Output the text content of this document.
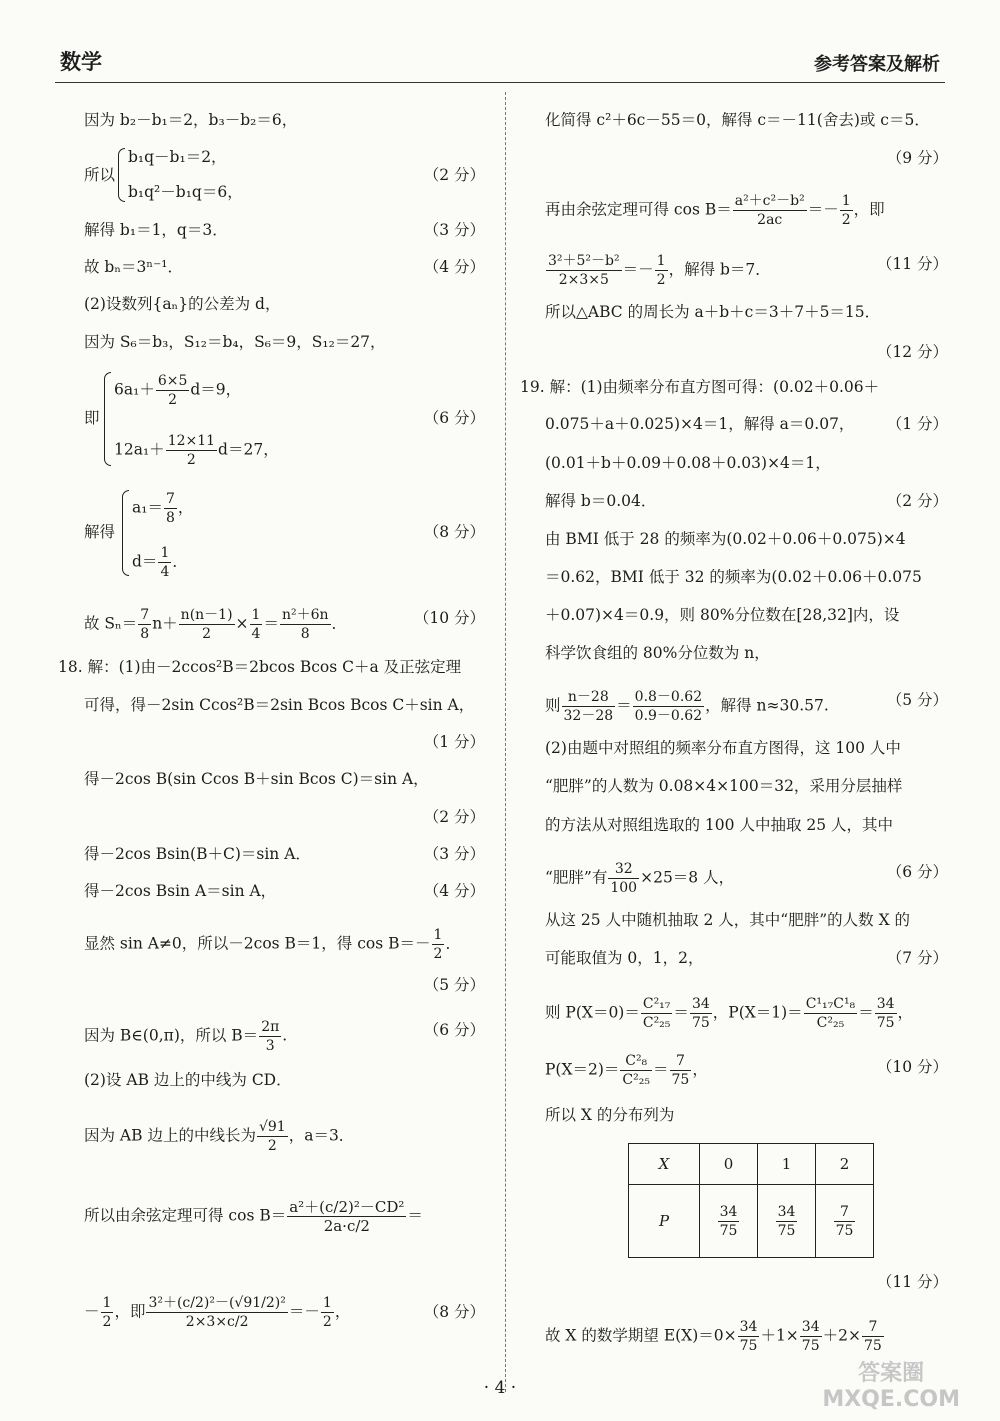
数学	参考答案及解析
因为 b₂－b₁＝2，b₃－b₂＝6，
所以
b₁q－b₁＝2，
b₁q²－b₁q＝6，
（2 分）
解得 b₁＝1，q＝3．	（3 分）
故 bₙ＝3ⁿ⁻¹．	（4 分）
(2)设数列{aₙ}的公差为 d，
因为 S₆＝b₃，S₁₂＝b₄，S₆＝9，S₁₂＝27，
即
$6a_1+ \frac{6\times 5}{2} d=9$，
$12a_1+ \frac{12\times 11}{2} d=27$，
（6 分）
解得
$a_1= \frac{7}{8}$ ，
$d= \frac{1}{4}$ ．
（8 分）
故 $S_n= \frac{7}{8} n+ \frac{n(n-1)}{2} \times \frac{1}{4} = \frac{\text{n²＋6n}}{8}$ ．	（10 分）
18. 解：(1)由－2ccos²B＝2bcos Bcos C＋a 及正弦定理
可得，得－2sin Ccos²B＝2sin Bcos Bcos C＋sin A，
（1 分）
得－2cos B(sin Ccos B＋sin Bcos C)＝sin A，
（2 分）
得－2cos Bsin(B＋C)＝sin A．	（3 分）
得－2cos Bsin A＝sin A，	（4 分）
显然 sin A≠0，所以－2cos B＝1，得 $\cos B=- \frac{1}{2}$ ．
（5 分）
因为 B∈(0,π)，所以 $B= \frac{2\pi}{3}$ .	（6 分）
(2)设 AB 边上的中线为 CD．
因为 AB 边上的中线长为 $\frac{√91}{2}$ ，a＝3．
所以由余弦定理可得 $\cos B= \frac{\text{a²＋(c/2)²－CD²}}{2a\cdot c/2}$ ＝
－ $\frac{1}{2}$ ，即 $\frac{\text{3²＋(c/2)²－(√91/2)²}}{2\times 3\times c/2} =- \frac{1}{2}$ ，	（8 分）
化简得 c²＋6c－55＝0，解得 c＝－11(舍去)或 c＝5．
（9 分）
再由余弦定理可得 $\cos B= \frac{\text{a²＋c²－b²}}{2ac} =- \frac{1}{2}$ ，即
$\frac{\text{3²＋5²－b²}}{2\times 3\times 5} =- \frac{1}{2}$ ，解得 b＝7．	（11 分）
所以△ABC 的周长为 a＋b＋c＝3＋7＋5＝15．
（12 分）
19. 解：(1)由频率分布直方图可得：(0.02＋0.06＋
0.075＋a＋0.025)×4＝1，解得 a＝0.07， （1 分）
(0.01＋b＋0.09＋0.08＋0.03)×4＝1，
解得 b＝0.04．	（2 分）
由 BMI 低于 28 的频率为(0.02＋0.06＋0.075)×4
＝0.62，BMI 低于 32 的频率为(0.02＋0.06＋0.075
＋0.07)×4＝0.9，则 80%分位数在[28,32]内，设
科学饮食组的 80%分位数为 n，
则 $\frac{n-28}{32-28} = \frac{0.8-0.62}{0.9-0.62}$ ，解得 n≈30.57.	（5 分）
(2)由题中对照组的频率分布直方图得，这 100 人中
“肥胖”的人数为 0.08×4×100＝32，采用分层抽样
的方法从对照组选取的 100 人中抽取 25 人，其中
“肥胖”有 $\frac{32}{100} \times 25=8$ 人，	（6 分）
从这 25 人中随机抽取 2 人，其中“肥胖”的人数 X 的
可能取值为 0，1，2，	（7 分）
则 $P(X=0)= \frac{\text{C²₁₇}}{\text{C²₂₅}} = \frac{34}{75}$ ，$P(X=1)= \frac{\text{C¹₁₇C¹₈}}{\text{C²₂₅}} = \frac{34}{75}$ ，
$P(X=2)= \frac{\text{C²₈}}{\text{C²₂₅}} = \frac{7}{75}$ ，	（10 分）
所以 X 的分布列为
X	0	1	2
P	$\frac{34}{75}$	$\frac{34}{75}$	$\frac{7}{75}$
（11 分）
故 X 的数学期望 $E(X)=0\times \frac{34}{75} +1\times \frac{34}{75} +2\times \frac{7}{75}$
· 4 ·
答案圈
MXQE.COM
